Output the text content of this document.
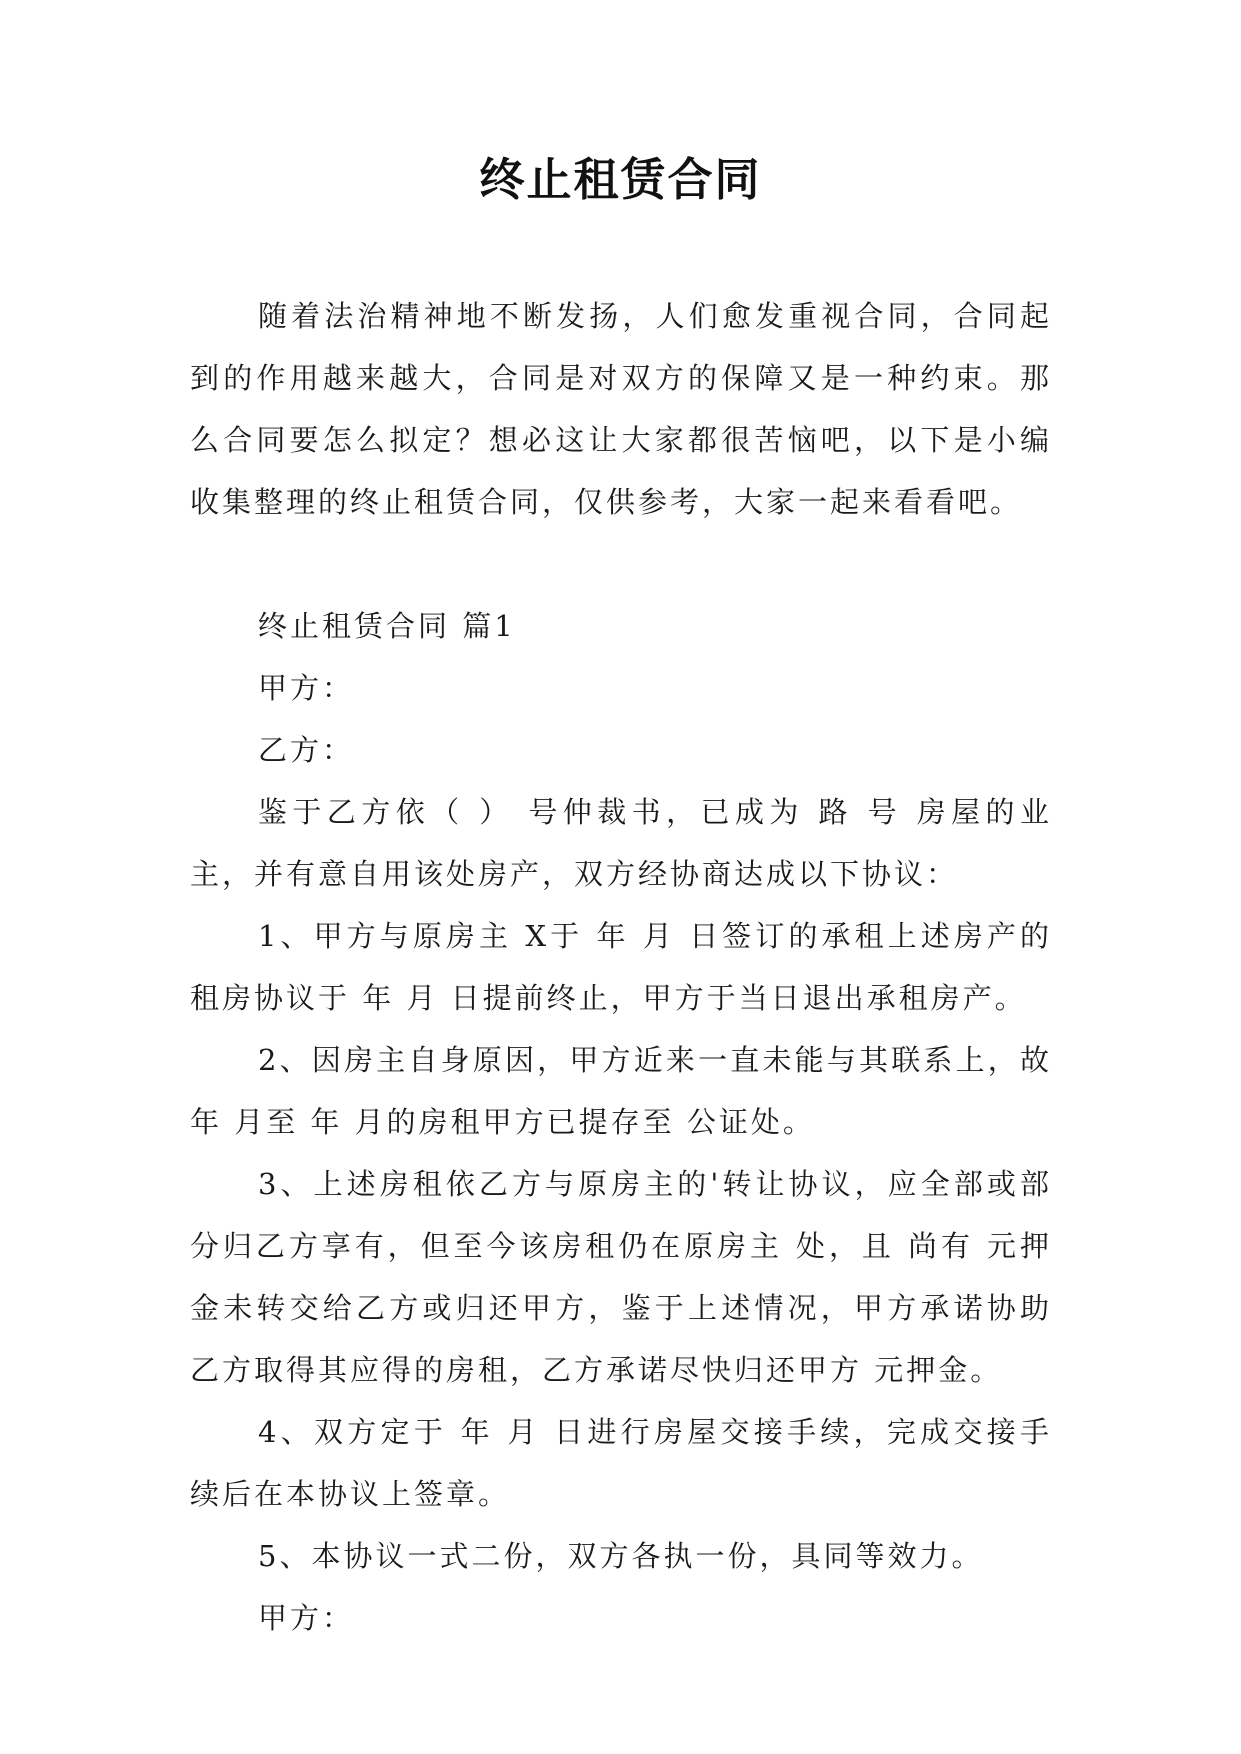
终止租赁合同

随着法治精神地不断发扬，人们愈发重视合同，合同起到的作用越来越大，合同是对双方的保障又是一种约束。那么合同要怎么拟定？想必这让大家都很苦恼吧，以下是小编收集整理的终止租赁合同，仅供参考，大家一起来看看吧。

终止租赁合同 篇1

甲方：

乙方：

鉴于乙方依（ ） 号仲裁书，已成为 路 号 房屋的业主，并有意自用该处房产，双方经协商达成以下协议：

1、甲方与原房主 X于 年 月 日签订的承租上述房产的租房协议于 年 月 日提前终止，甲方于当日退出承租房产。

2、因房主自身原因，甲方近来一直未能与其联系上，故 年 月至 年 月的房租甲方已提存至 公证处。

3、上述房租依乙方与原房主的'转让协议，应全部或部分归乙方享有，但至今该房租仍在原房主 处，且 尚有 元押金未转交给乙方或归还甲方，鉴于上述情况，甲方承诺协助乙方取得其应得的房租，乙方承诺尽快归还甲方 元押金。

4、双方定于 年 月 日进行房屋交接手续，完成交接手续后在本协议上签章。

5、本协议一式二份，双方各执一份，具同等效力。

甲方：
